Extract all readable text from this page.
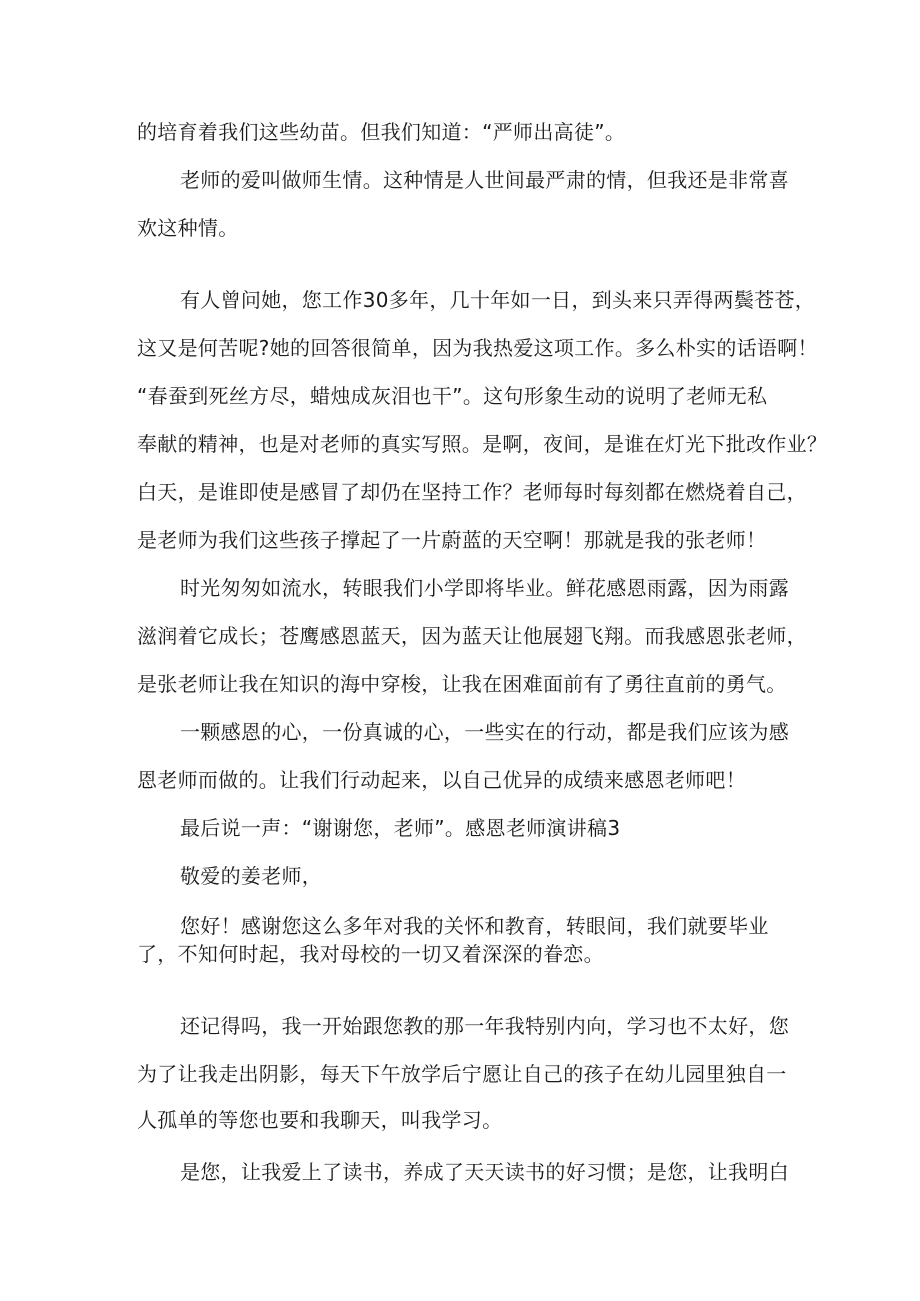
的培育着我们这些幼苗。但我们知道：“严师出高徒”。
老师的爱叫做师生情。这种情是人世间最严肃的情，但我还是非常喜
欢这种情。
有人曾问她，您工作30多年，几十年如一日，到头来只弄得两鬓苍苍，
这又是何苦呢?她的回答很简单，因为我热爱这项工作。多么朴实的话语啊！
“春蚕到死丝方尽，蜡烛成灰泪也干”。这句形象生动的说明了老师无私
奉献的精神，也是对老师的真实写照。是啊，夜间，是谁在灯光下批改作业？
白天，是谁即使是感冒了却仍在坚持工作？老师每时每刻都在燃烧着自己，
是老师为我们这些孩子撑起了一片蔚蓝的天空啊！那就是我的张老师！
时光匆匆如流水，转眼我们小学即将毕业。鲜花感恩雨露，因为雨露
滋润着它成长；苍鹰感恩蓝天，因为蓝天让他展翅飞翔。而我感恩张老师，
是张老师让我在知识的海中穿梭，让我在困难面前有了勇往直前的勇气。
一颗感恩的心，一份真诚的心，一些实在的行动，都是我们应该为感
恩老师而做的。让我们行动起来，以自己优异的成绩来感恩老师吧！
最后说一声：“谢谢您，老师”。感恩老师演讲稿3
敬爱的姜老师，
您好！感谢您这么多年对我的关怀和教育，转眼间，我们就要毕业
了，不知何时起，我对母校的一切又着深深的眷恋。
还记得吗，我一开始跟您教的那一年我特别内向，学习也不太好，您
为了让我走出阴影，每天下午放学后宁愿让自己的孩子在幼儿园里独自一
人孤单的等您也要和我聊天，叫我学习。
是您，让我爱上了读书，养成了天天读书的好习惯；是您，让我明白
